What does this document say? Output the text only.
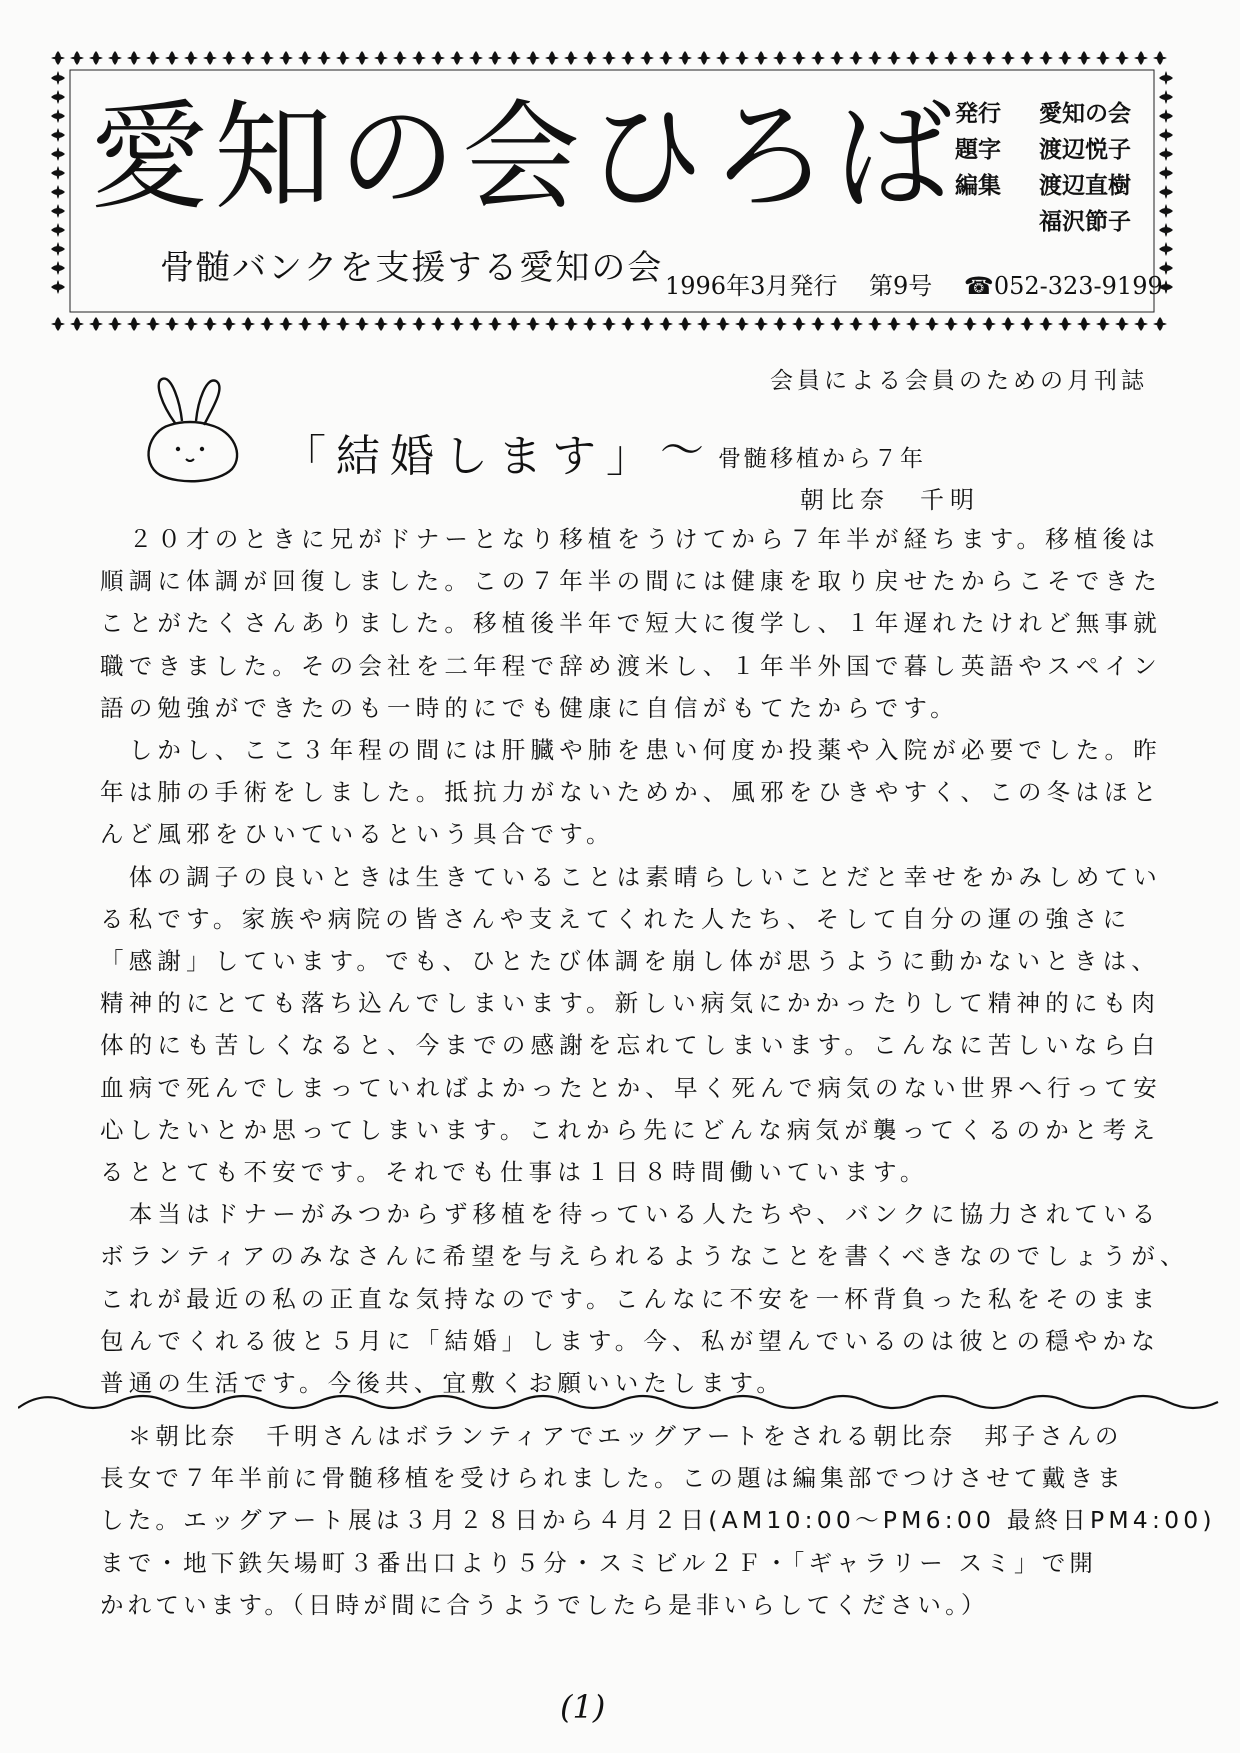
愛知の会ひろば
骨髄バンクを支援する愛知の会
発行	愛知の会
題字	渡辺悦子
編集	渡辺直樹
福沢節子
1996年3月発行 第9号 ☎052-323-9199
会員による会員のための月刊誌
「結婚します」 ～ 骨髄移植から７年
朝比奈　千明

　２０才のときに兄がドナーとなり移植をうけてから７年半が経ちます。移植後は

順調に体調が回復しました。この７年半の間には健康を取り戻せたからこそできた

ことがたくさんありました。移植後半年で短大に復学し、１年遅れたけれど無事就

職できました。その会社を二年程で辞め渡米し、１年半外国で暮し英語やスペイン

語の勉強ができたのも一時的にでも健康に自信がもてたからです。

　しかし、ここ３年程の間には肝臓や肺を患い何度か投薬や入院が必要でした。昨

年は肺の手術をしました。抵抗力がないためか、風邪をひきやすく、この冬はほと

んど風邪をひいているという具合です。

　体の調子の良いときは生きていることは素晴らしいことだと幸せをかみしめてい

る私です。家族や病院の皆さんや支えてくれた人たち、そして自分の運の強さに

「感謝」しています。でも、ひとたび体調を崩し体が思うように動かないときは、

精神的にとても落ち込んでしまいます。新しい病気にかかったりして精神的にも肉

体的にも苦しくなると、今までの感謝を忘れてしまいます。こんなに苦しいなら白

血病で死んでしまっていればよかったとか、早く死んで病気のない世界へ行って安

心したいとか思ってしまいます。これから先にどんな病気が襲ってくるのかと考え

るととても不安です。それでも仕事は１日８時間働いています。

　本当はドナーがみつからず移植を待っている人たちや、バンクに協力されている

ボランティアのみなさんに希望を与えられるようなことを書くべきなのでしょうが、

これが最近の私の正直な気持なのです。こんなに不安を一杯背負った私をそのまま

包んでくれる彼と５月に「結婚」します。今、私が望んでいるのは彼との穏やかな

普通の生活です。今後共、宜敷くお願いいたします。

　＊朝比奈　千明さんはボランティアでエッグアートをされる朝比奈　邦子さんの

長女で７年半前に骨髄移植を受けられました。この題は編集部でつけさせて戴きま

した。エッグアート展は３月２８日から４月２日(AM10:00～PM6:00 最終日PM4:00)

まで・地下鉄矢場町３番出口より５分・スミビル２Ｆ・「ギャラリー スミ」で開

かれています。（日時が間に合うようでしたら是非いらしてください。）

(1)
